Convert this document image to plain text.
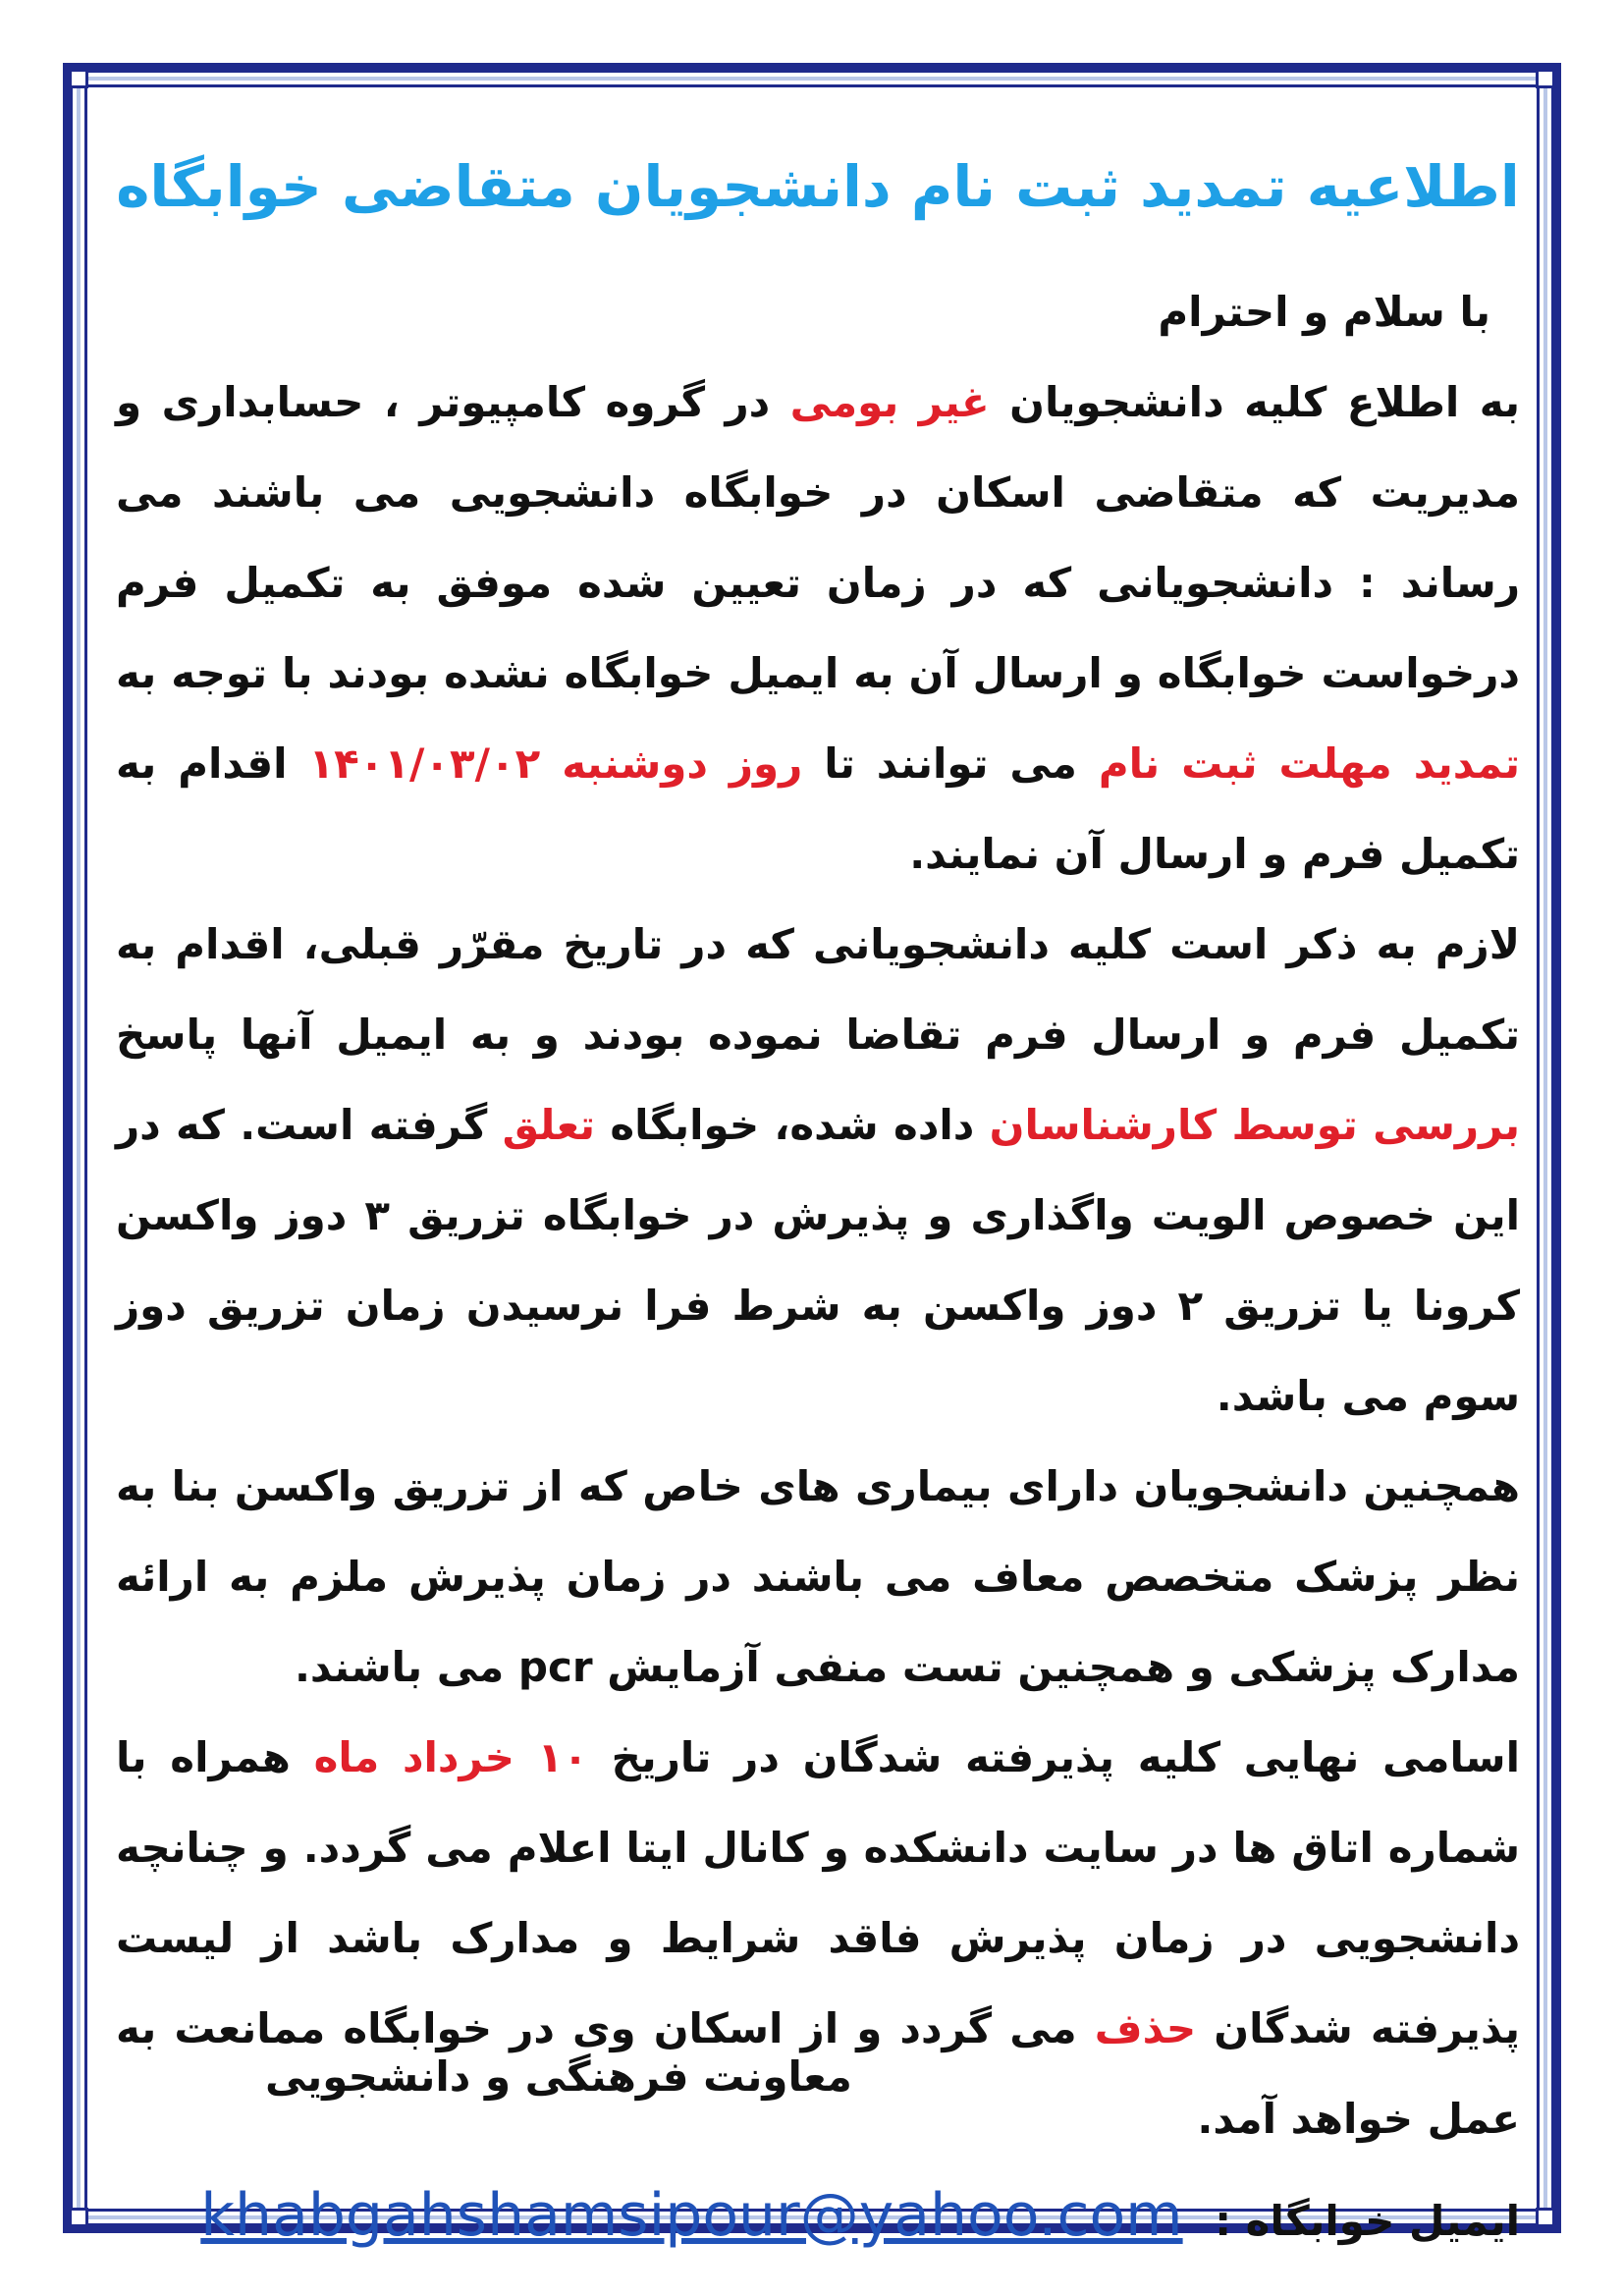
اطلاعیه تمدید ثبت نام دانشجویان متقاضی خوابگاه

با سلام و احترام

به اطلاع کلیه دانشجویان غیر بومی در گروه کامپیوتر ، حسابداری و مدیریت که متقاضی اسکان در خوابگاه دانشجویی می باشند می رساند : دانشجویانی که در زمان تعیین شده موفق به تکمیل فرم درخواست خوابگاه و ارسال آن به ایمیل خوابگاه نشده بودند با توجه به تمدید مهلت ثبت نام می توانند تا روز دوشنبه ۱۴۰۱/۰۳/۰۲ اقدام به تکمیل فرم و ارسال آن نمایند.

لازم به ذکر است کلیه دانشجویانی که در تاریخ مقرّر قبلی، اقدام به تکمیل فرم و ارسال فرم تقاضا نموده بودند و به ایمیل آنها پاسخ بررسی توسط کارشناسان داده شده، خوابگاه تعلق گرفته است. که در این خصوص الویت واگذاری و پذیرش در خوابگاه تزریق ۳ دوز واکسن کرونا یا تزریق ۲ دوز واکسن به شرط فرا نرسیدن زمان تزریق دوز سوم می باشد.

همچنین دانشجویان دارای بیماری های خاص که از تزریق واکسن بنا به نظر پزشک متخصص معاف می باشند در زمان پذیرش ملزم به ارائه مدارک پزشکی و همچنین تست منفی آزمایش pcr می باشند.

اسامی نهایی کلیه پذیرفته شدگان در تاریخ ۱۰ خرداد ماه همراه با شماره اتاق ها در سایت دانشکده و کانال ایتا اعلام می گردد. و چنانچه دانشجویی در زمان پذیرش فاقد شرایط و مدارک باشد از لیست پذیرفته شدگان حذف می گردد و از اسکان وی در خوابگاه ممانعت به عمل خواهد آمد.

ایمیل خوابگاه : khabgahshamsipour@yahoo.com
معاونت فرهنگی و دانشجویی
